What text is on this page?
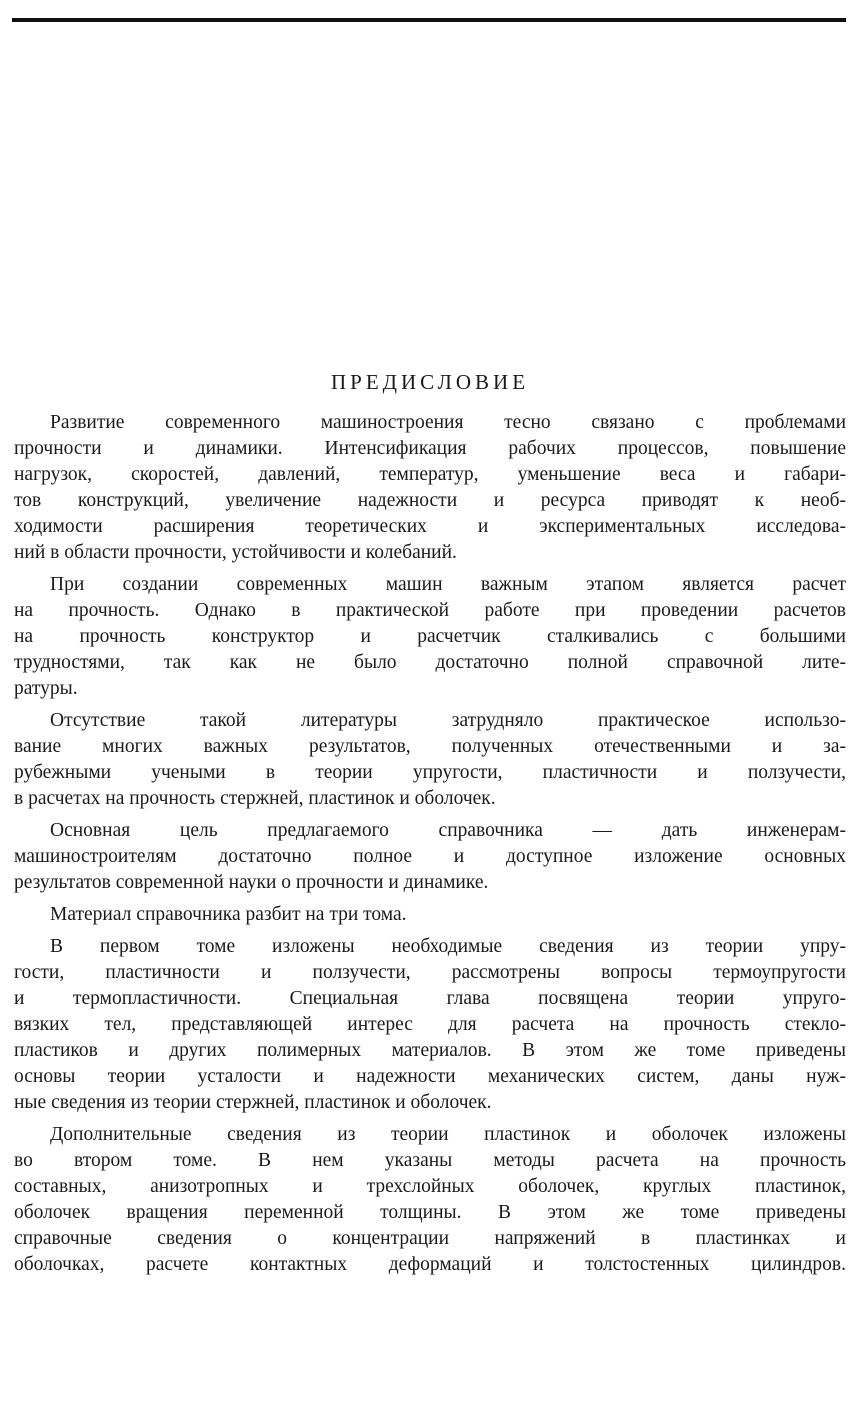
ПРЕДИСЛОВИЕ

Развитие современного машиностроения тесно связано с проблемами
прочности и динамики. Интенсификация рабочих процессов, повышение
нагрузок, скоростей, давлений, температур, уменьшение веса и габари-
тов конструкций, увеличение надежности и ресурса приводят к необ-
ходимости расширения теоретических и экспериментальных исследова-
ний в области прочности, устойчивости и колебаний.

При создании современных машин важным этапом является расчет
на прочность. Однако в практической работе при проведении расчетов
на прочность конструктор и расчетчик сталкивались с большими
трудностями, так как не было достаточно полной справочной лите-
ратуры.

Отсутствие такой литературы затрудняло практическое использо-
вание многих важных результатов, полученных отечественными и за-
рубежными учеными в теории упругости, пластичности и ползучести,
в расчетах на прочность стержней, пластинок и оболочек.

Основная цель предлагаемого справочника — дать инженерам-
машиностроителям достаточно полное и доступное изложение основных
результатов современной науки о прочности и динамике.

Материал справочника разбит на три тома.

В первом томе изложены необходимые сведения из теории упру-
гости, пластичности и ползучести, рассмотрены вопросы термоупругости
и термопластичности. Специальная глава посвящена теории упруго-
вязких тел, представляющей интерес для расчета на прочность стекло-
пластиков и других полимерных материалов. В этом же томе приведены
основы теории усталости и надежности механических систем, даны нуж-
ные сведения из теории стержней, пластинок и оболочек.

Дополнительные сведения из теории пластинок и оболочек изложены
во втором томе. В нем указаны методы расчета на прочность
составных, анизотропных и трехслойных оболочек, круглых пластинок,
оболочек вращения переменной толщины. В этом же томе приведены
справочные сведения о концентрации напряжений в пластинках и
оболочках, расчете контактных деформаций и толстостенных цилиндров.
